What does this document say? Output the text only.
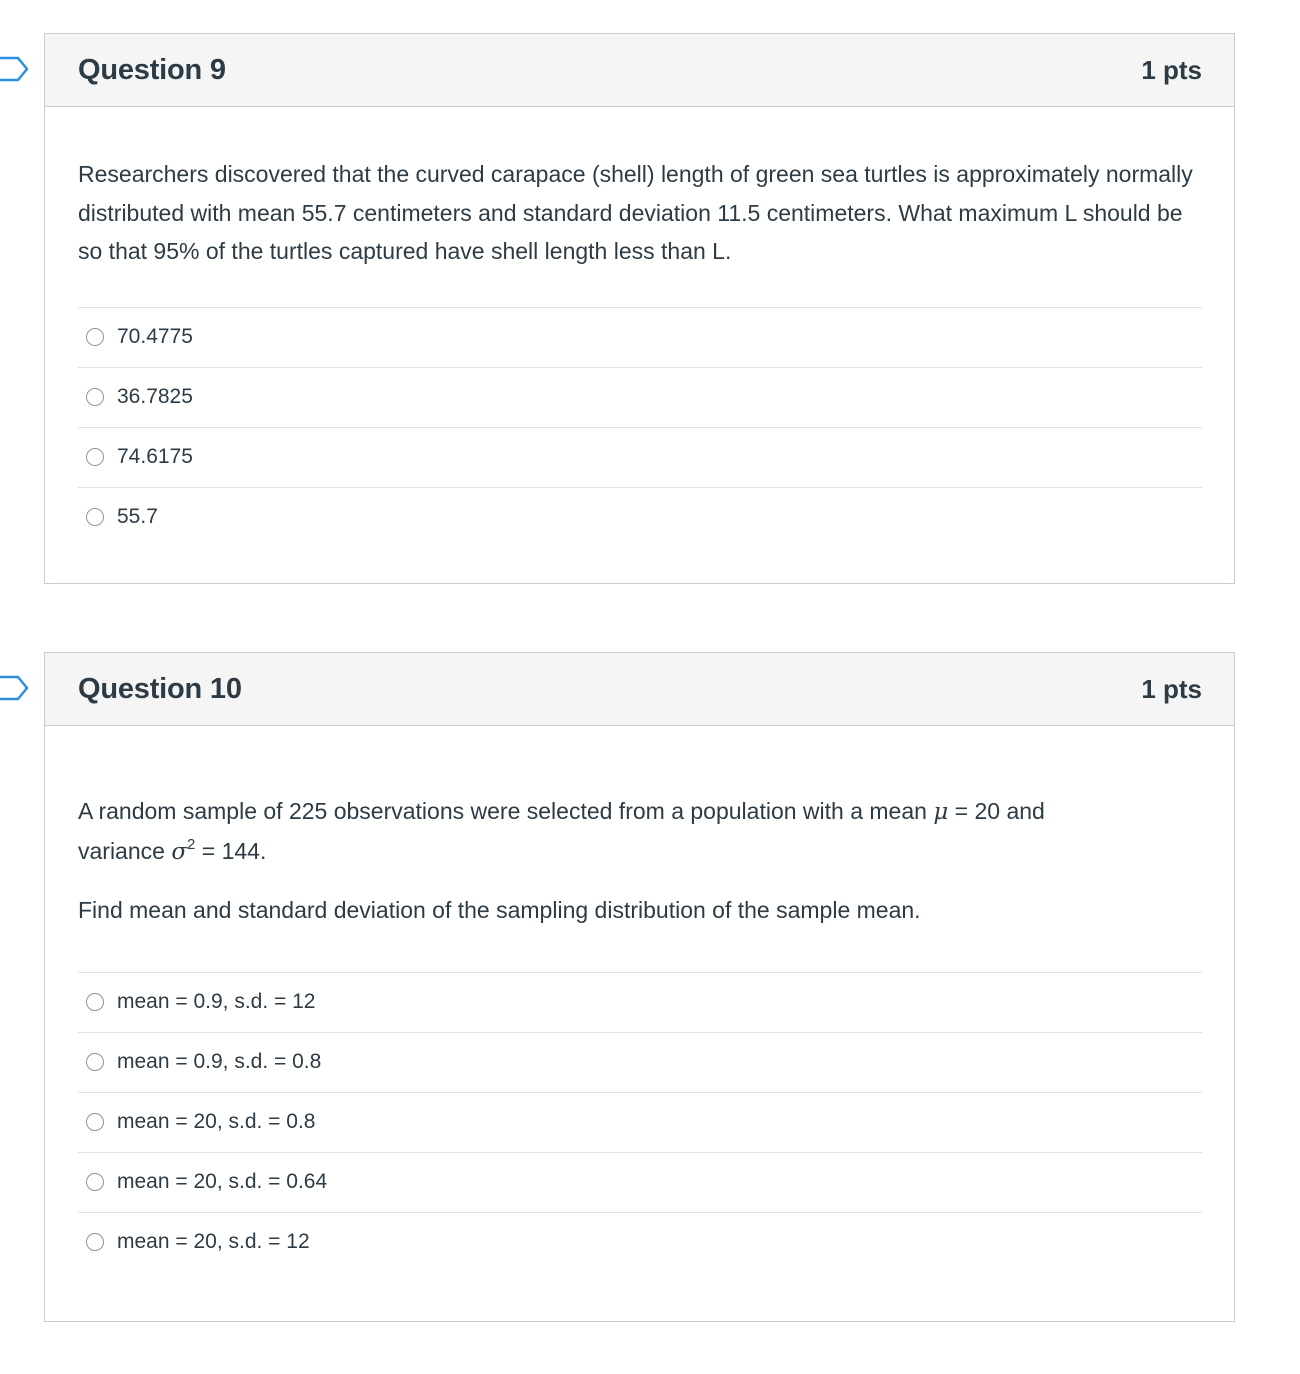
Question 9	1 pts

Researchers discovered that the curved carapace (shell) length of green sea turtles is approximately normally distributed with mean 55.7 centimeters and standard deviation 11.5 centimeters. What maximum L should be so that 95% of the turtles captured have shell length less than L.

70.4775
36.7825
74.6175
55.7
Question 10	1 pts

A random sample of 225 observations were selected from a population with a mean μ = 20 and
variance $\sigma^2 = 144$.

Find mean and standard deviation of the sampling distribution of the sample mean.

mean = 0.9, s.d. = 12
mean = 0.9, s.d. = 0.8
mean = 20, s.d. = 0.8
mean = 20, s.d. = 0.64
mean = 20, s.d. = 12
